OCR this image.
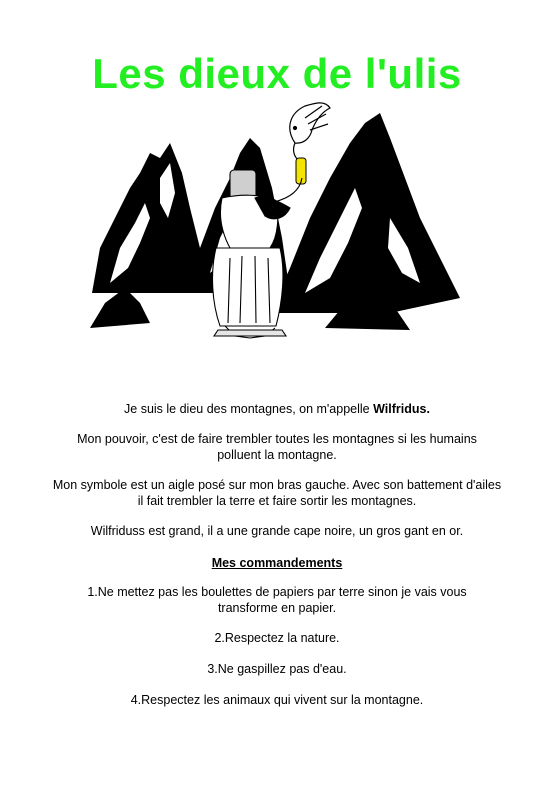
Les dieux de l'ulis
Je suis le dieu des montagnes, on m'appelle Wilfridus.
Mon pouvoir, c'est de faire trembler toutes les montagnes si les humains polluent la montagne.
Mon symbole est un aigle posé sur mon bras gauche. Avec son battement d'ailes il fait trembler la terre et faire sortir les montagnes.
Wilfriduss est grand, il a une grande cape noire, un gros gant en or.
Mes commandements
1.Ne mettez pas les boulettes de papiers par terre sinon je vais vous transforme en papier.
2.Respectez la nature.
3.Ne gaspillez pas d'eau.
4.Respectez les animaux qui vivent sur la montagne.
